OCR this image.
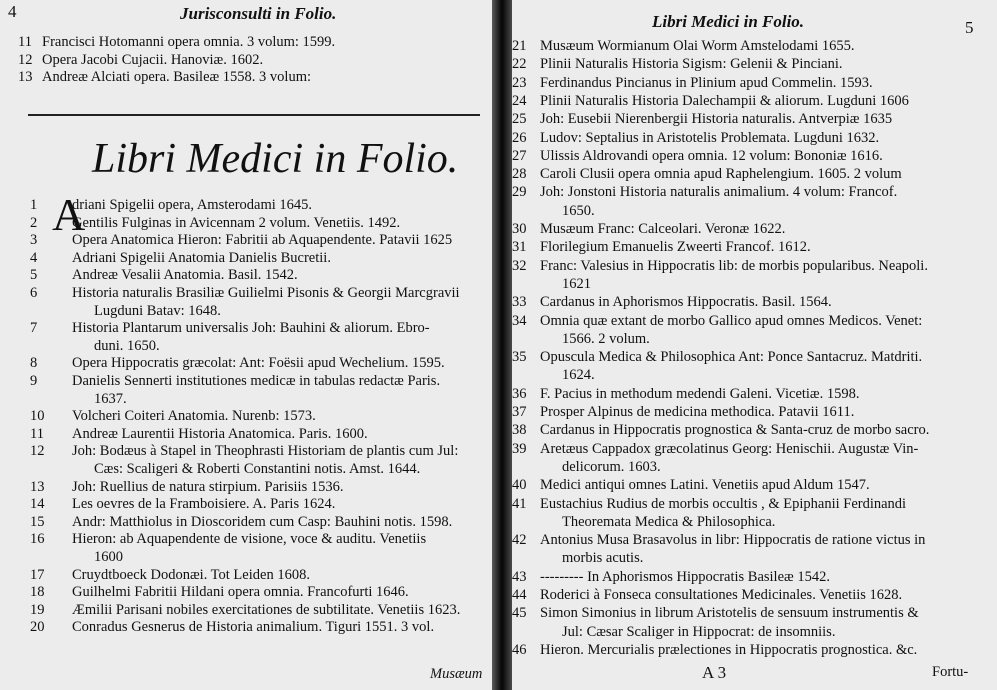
4	Jurisconsulti in Folio.
11 Francisci Hotomanni opera omnia. 3 volum: 1599.
12 Opera Jacobi Cujacii. Hanoviæ. 1602.
13 Andreæ Alciati opera. Basileæ 1558. 3 volum:
Libri Medici in Folio.
A
1 driani Spigelii opera, Amsterodami 1645.
2 Gentilis Fulginas in Avicennam 2 volum. Venetiis. 1492.
3 Opera Anatomica Hieron: Fabritii ab Aquapendente. Patavii 1625
4 Adriani Spigelii Anatomia Danielis Bucretii.
5 Andreæ Vesalii Anatomia. Basil. 1542.
6 Historia naturalis Brasiliæ Guilielmi Pisonis & Georgii Marcgravii
Lugduni Batav: 1648.
7 Historia Plantarum universalis Joh: Bauhini & aliorum. Ebro-
duni. 1650.
8 Opera Hippocratis græcolat: Ant: Foësii apud Wechelium. 1595.
9 Danielis Sennerti institutiones medicæ in tabulas redactæ Paris.
1637.
10 Volcheri Coiteri Anatomia. Nurenb: 1573.
11 Andreæ Laurentii Historia Anatomica. Paris. 1600.
12 Joh: Bodæus à Stapel in Theophrasti Historiam de plantis cum Jul:
Cæs: Scaligeri & Roberti Constantini notis. Amst. 1644.
13 Joh: Ruellius de natura stirpium. Parisiis 1536.
14 Les oevres de la Framboisiere. A. Paris 1624.
15 Andr: Matthiolus in Dioscoridem cum Casp: Bauhini notis. 1598.
16 Hieron: ab Aquapendente de visione, voce & auditu. Venetiis
1600
17 Cruydtboeck Dodonæi. Tot Leiden 1608.
18 Guilhelmi Fabritii Hildani opera omnia. Francofurti 1646.
19 Æmilii Parisani nobiles exercitationes de subtilitate. Venetiis 1623.
20 Conradus Gesnerus de Historia animalium. Tiguri 1551. 3 vol.
Musæum
Libri Medici in Folio.	5
21 Musæum Wormianum Olai Worm Amstelodami 1655.
22 Plinii Naturalis Historia Sigism: Gelenii & Pinciani.
23 Ferdinandus Pincianus in Plinium apud Commelin. 1593.
24 Plinii Naturalis Historia Dalechampii & aliorum. Lugduni 1606
25 Joh: Eusebii Nierenbergii Historia naturalis. Antverpiæ 1635
26 Ludov: Septalius in Aristotelis Problemata. Lugduni 1632.
27 Ulissis Aldrovandi opera omnia. 12 volum: Bononiæ 1616.
28 Caroli Clusii opera omnia apud Raphelengium. 1605. 2 volum
29 Joh: Jonstoni Historia naturalis animalium. 4 volum: Francof.
1650.
30 Musæum Franc: Calceolari. Veronæ 1622.
31 Florilegium Emanuelis Zweerti Francof. 1612.
32 Franc: Valesius in Hippocratis lib: de morbis popularibus. Neapoli.
1621
33 Cardanus in Aphorismos Hippocratis. Basil. 1564.
34 Omnia quæ extant de morbo Gallico apud omnes Medicos. Venet:
1566. 2 volum.
35 Opuscula Medica & Philosophica Ant: Ponce Santacruz. Matdriti.
1624.
36 F. Pacius in methodum medendi Galeni. Vicetiæ. 1598.
37 Prosper Alpinus de medicina methodica. Patavii 1611.
38 Cardanus in Hippocratis prognostica & Santa-cruz de morbo sacro.
39 Aretæus Cappadox græcolatinus Georg: Henischii. Augustæ Vin-
delicorum. 1603.
40 Medici antiqui omnes Latini. Venetiis apud Aldum 1547.
41 Eustachius Rudius de morbis occultis , & Epiphanii Ferdinandi
Theoremata Medica & Philosophica.
42 Antonius Musa Brasavolus in libr: Hippocratis de ratione victus in
morbis acutis.
43 --------- In Aphorismos Hippocratis Basileæ 1542.
44 Roderici à Fonseca consultationes Medicinales. Venetiis 1628.
45 Simon Simonius in librum Aristotelis de sensuum instrumentis &
Jul: Cæsar Scaliger in Hippocrat: de insomniis.
46 Hieron. Mercurialis prælectiones in Hippocratis prognostica. &c.
A 3	Fortu-
